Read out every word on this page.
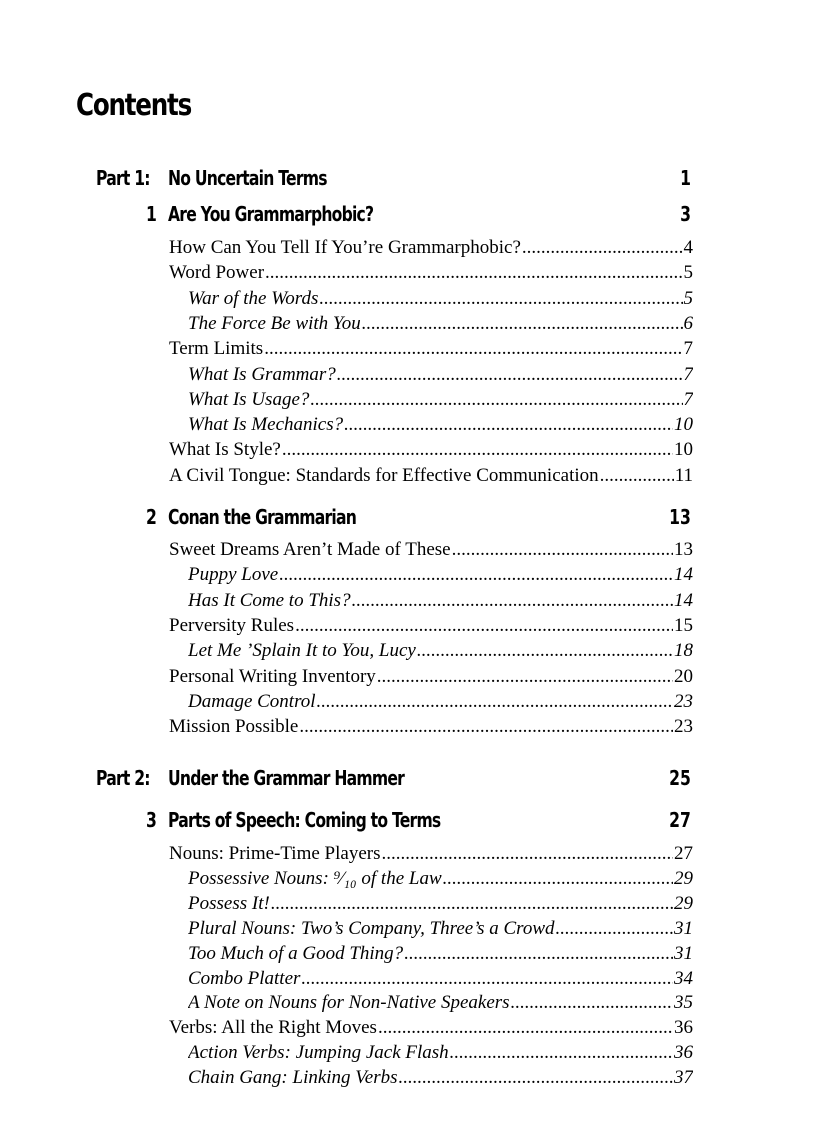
Contents
Part 1: No Uncertain Terms	1
1 Are You Grammarphobic?	3
How Can You Tell If You’re Grammarphobic? .....	4
Word Power .....	5
War of the Words .....	5
The Force Be with You .....	6
Term Limits .....	7
What Is Grammar? .....	7
What Is Usage? .....	7
What Is Mechanics? .....	10
What Is Style? .....	10
A Civil Tongue: Standards for Effective Communication .....	11
2 Conan the Grammarian	13
Sweet Dreams Aren’t Made of These .....	13
Puppy Love .....	14
Has It Come to This? .....	14
Perversity Rules .....	15
Let Me ’Splain It to You, Lucy .....	18
Personal Writing Inventory .....	20
Damage Control .....	23
Mission Possible .....	23
Part 2: Under the Grammar Hammer	25
3 Parts of Speech: Coming to Terms	27
Nouns: Prime-Time Players .....	27
Possessive Nouns: ⁹⁄₁₀ of the Law .....	29
Possess It! .....	29
Plural Nouns: Two’s Company, Three’s a Crowd .....	31
Too Much of a Good Thing? .....	31
Combo Platter .....	34
A Note on Nouns for Non-Native Speakers .....	35
Verbs: All the Right Moves .....	36
Action Verbs: Jumping Jack Flash .....	36
Chain Gang: Linking Verbs .....	37
